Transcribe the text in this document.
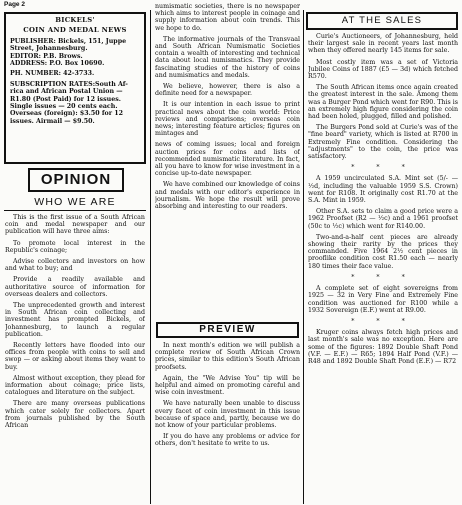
Page 2
BICKELS'
COIN AND MEDAL NEWS
PUBLISHER: Bickels, 151, Juppe
Street, Johannesburg.
EDITOR: P.B. Brows.
ADDRESS: P.O. Box 10690.
PH. NUMBER: 42-3733.
SUBSCRIPTION RATES:South Af-
rica and African Postal Union —
R1.80 (Post Paid) for 12 issues.
Single issues — 20 cents each.
Overseas (foreign): $3.50 for 12
issues. Airmail — $9.50.
OPINION
WHO WE ARE

This is the first issue of a South African coin and medal newspaper and our publication will have three aims:

To promote local interest in the Republic's coinage;

Advise collectors and investors on how and what to buy; and

Provide a readily available and authoritative source of information for overseas dealers and collectors.

The unprecedented growth and interest in South African coin collecting and investment has prompted Bickels, of Johannesburg, to launch a regular publication.

Recently letters have flooded into our offices from people with coins to sell and swop — or asking about items they want to buy.

Almost without exception, they plead for information about coinage; price lists, catalogues and literature on the subject.

There are many overseas publications which cater solely for collectors. Apart from journals published by the South African

numismatic societies, there is no newspaper which aims to interest people in coinage and supply information about coin trends. This we hope to do.

The informative journals of the Transvaal and South African Numismatic Societies contain a wealth of interesting and technical data about local numismatics. They provide fascinating studies of the history of coins and numismatics and medals.

We believe, however, there is also a definite need for a newspaper.

It is our intention in each issue to print practical news about the coin world: Price reviews and comparisons; overseas coin news; interesting feature articles; figures on mintages and

news of coming issues; local and foreign auction prices for coins and lists of recommended numismatic literature. In fact, all you have to know for wise investment in a concise up-to-date newspaper.

We have combined our knowledge of coins and medals with our editor's experience in journalism. We hope the result will prove absorbing and interesting to our readers.

PREVIEW

In next month's edition we will publish a complete review of South African Crown prices, similar to this edition's South African proofsets.

Again, the "We Advise You" tip will be helpful and aimed on promoting careful and wise coin investment.

We have naturally been unable to discuss every facet of coin investment in this issue because of space and, partly, because we do not know of your particular problems.

If you do have any problems or advice for others, don't hesitate to write to us.

AT THE SALES

Curie's Auctioneers, of Johannesburg, held their largest sale in recent years last month when they offered nearly 145 items for sale.

Most costly item was a set of Victoria Jubilee Coins of 1887 (£5 — 3d) which fetched R570.

The South African items once again created the greatest interest in the sale. Among them was a Burger Pond which went for R90. This is an extremely high figure considering the coin had been holed, plugged, filled and polished.

The Burgers Pond sold at Curie's was of the "fine beard" variety, which is listed at R700 in Extremely Fine condition. Considering the "adjustments" to the coin, the price was satisfactory.

* * *

A 1959 uncirculated S.A. Mint set (5/- — ½d, including the valuable 1959 S.S. Crown) went for R108. It originally cost R1.70 at the S.A. Mint in 1959.

Other S.A. sets to claim a good price were a 1962 Proofset (R2 — ½c) and a 1961 proofset (50c to ½c) which went for R140.00.

Two-and-a-half cent pieces are already showing their rarity by the prices they commanded. Five 1964 2½ cent pieces in prooflike condition cost R1.50 each — nearly 180 times their face value.

* * *

A complete set of eight sovereigns from 1925 — 32 in Very Fine and Extremely Fine condition was auctioned for R100 while a 1932 Sovereign (E.F.) went at R9.00.

* * *

Kruger coins always fetch high prices and last month's sale was no exception. Here are some of the figures: 1892 Double Shaft Pond (V.F. — E.F.) — R65; 1894 Half Pond (V.F.) — R48 and 1892 Double Shaft Pond (E.F.) — R72
